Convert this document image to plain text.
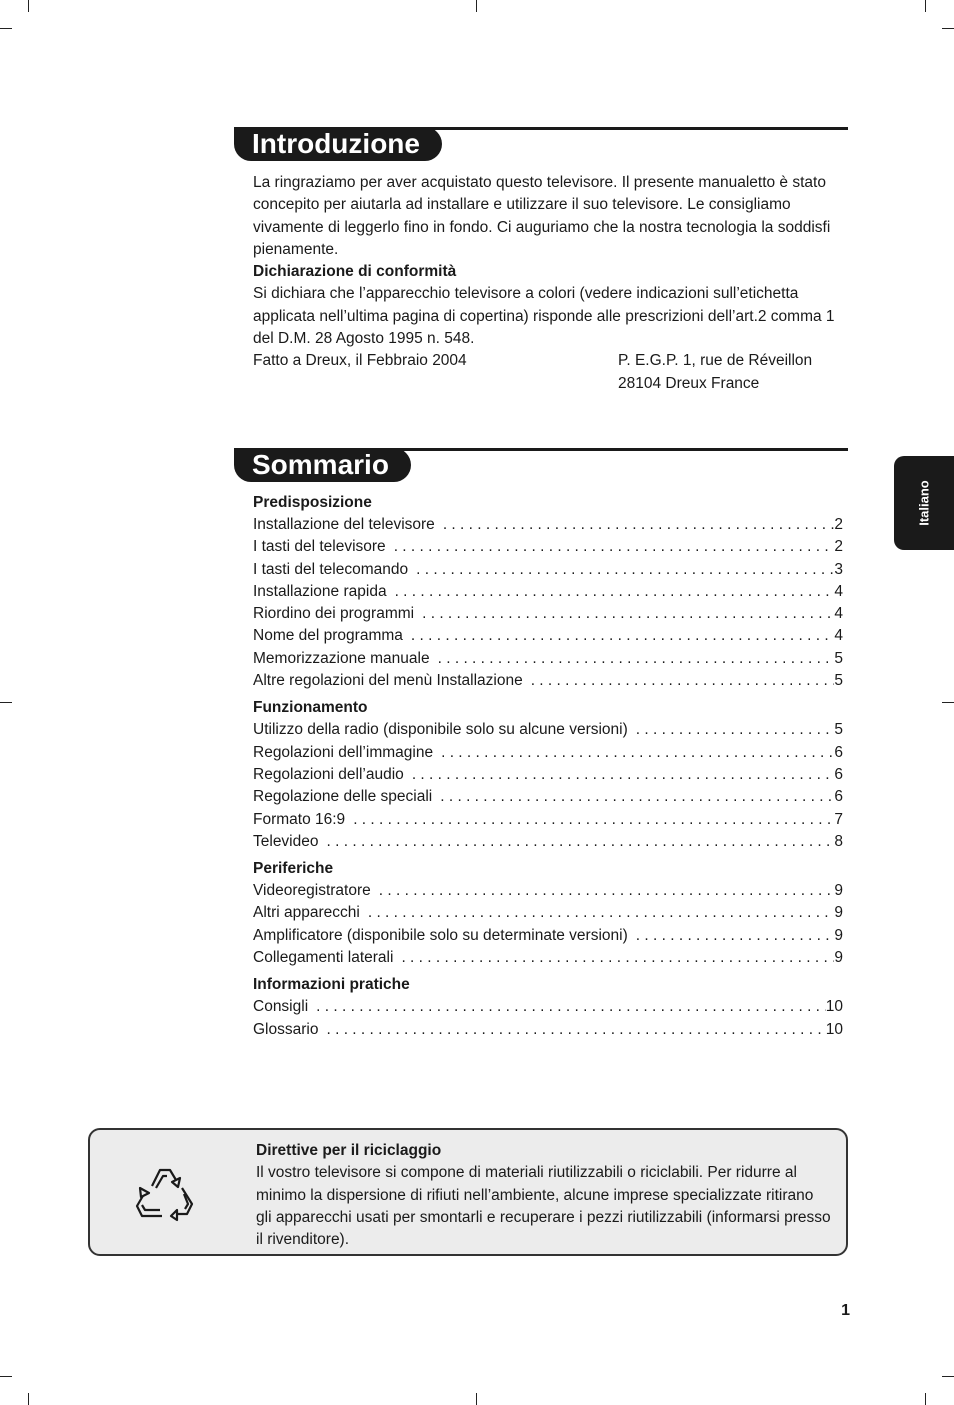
Introduzione

La ringraziamo per aver acquistato questo televisore. Il presente manualetto è stato concepito per aiutarla ad installare e utilizzare il suo televisore. Le consigliamo vivamente di leggerlo fino in fondo. Ci auguriamo che la nostra tecnologia la soddisfi pienamente.

Dichiarazione di conformità

Si dichiara che l’apparecchio televisore a colori (vedere indicazioni sull’etichetta applicata nell’ultima pagina di copertina) risponde alle prescrizioni dell’art.2 comma 1 del D.M. 28 Agosto 1995 n. 548.

Fatto a Dreux, il Febbraio 2004	P. E.G.P. 1, rue de Réveillon
28104 Dreux France
Sommario
Predisposizione
Installazione del televisore . . .	2
I tasti del televisore . . .	2
I tasti del telecomando . . .	3
Installazione rapida . . .	4
Riordino dei programmi . . .	4
Nome del programma . . .	4
Memorizzazione manuale . . .	5
Altre regolazioni del menù Installazione . . .	5
Funzionamento
Utilizzo della radio (disponibile solo su alcune versioni) . . .	5
Regolazioni dell’immagine . . .	6
Regolazioni dell’audio . . .	6
Regolazione delle speciali . . .	6
Formato 16:9 . . .	7
Televideo . . .	8
Periferiche
Videoregistratore . . .	9
Altri apparecchi . . .	9
Amplificatore (disponibile solo su determinate versioni) . . .	9
Collegamenti laterali . . .	9
Informazioni pratiche
Consigli . . .	10
Glossario . . .	10
Italiano

Direttive per il riciclaggio

Il vostro televisore si compone di materiali riutilizzabili o riciclabili. Per ridurre al minimo la dispersione di rifiuti nell’ambiente, alcune imprese specializzate ritirano gli apparecchi usati per smontarli e recuperare i pezzi riutilizzabili (informarsi presso il rivenditore).

1
